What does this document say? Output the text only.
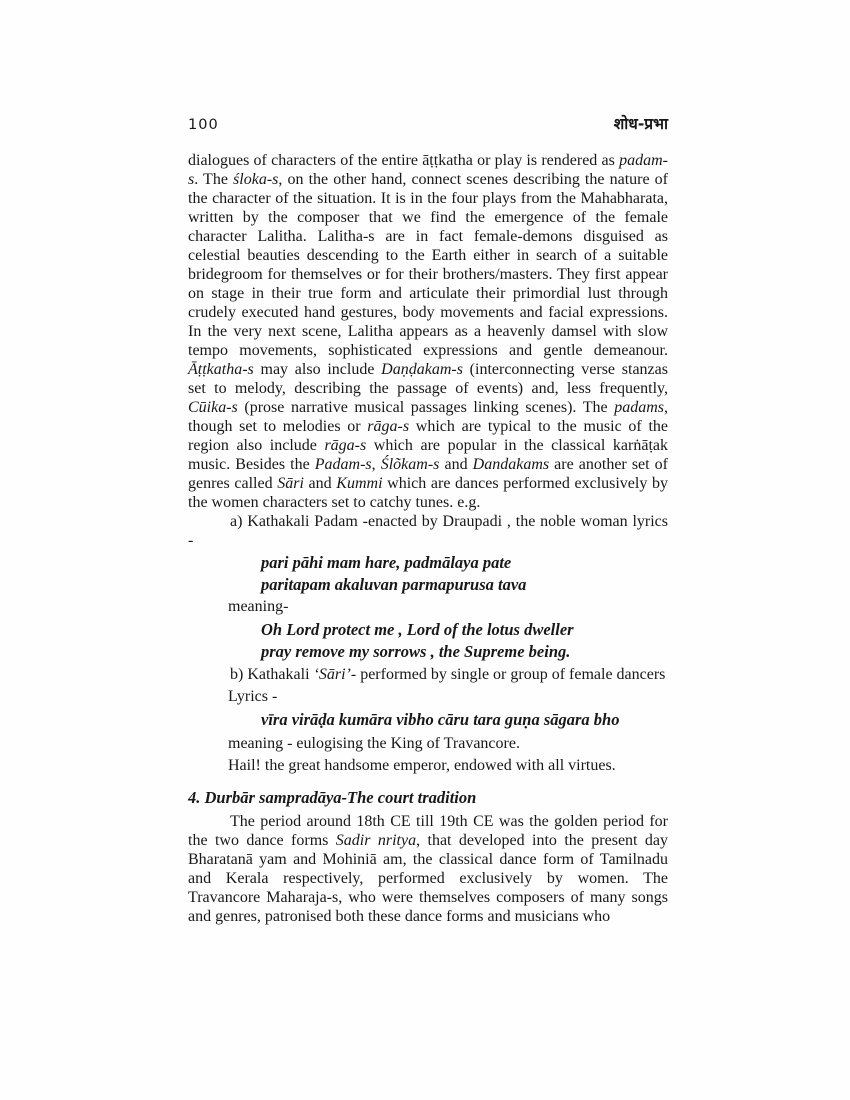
100	शोध-प्रभा

dialogues of characters of the entire āṭṭkatha or play is rendered as padam-s. The śloka-s, on the other hand, connect scenes describing the nature of the character of the situation. It is in the four plays from the Mahabharata, written by the composer that we find the emergence of the female character Lalitha. Lalitha-s are in fact female-demons disguised as celestial beauties descending to the Earth either in search of a suitable bridegroom for themselves or for their brothers/masters. They first appear on stage in their true form and articulate their primordial lust through crudely executed hand gestures, body movements and facial expressions. In the very next scene, Lalitha appears as a heavenly damsel with slow tempo movements, sophisticated expressions and gentle demeanour. Āṭṭkatha-s may also include Daṇḍakam-s (interconnecting verse stanzas set to melody, describing the passage of events) and, less frequently, Cūika-s (prose narrative musical passages linking scenes). The padams, though set to melodies or rāga-s which are typical to the music of the region also include rāga-s which are popular in the classical karṅāṭak music. Besides the Padam-s, Ślõkam-s and Dandakams are another set of genres called Sāri and Kummi which are dances performed exclusively by the women characters set to catchy tunes. e.g.

a) Kathakali Padam -enacted by Draupadi , the noble woman lyrics -

pari pāhi mam hare, padmālaya pate
paritapam akaluvan parmapurusa tava
meaning-
Oh Lord protect me , Lord of the lotus dweller
pray remove my sorrows , the Supreme being.

b) Kathakali ‘Sāri’- performed by single or group of female dancers

Lyrics -
vīra virāḍa kumāra vibho cāru tara guṇa sāgara bho
meaning - eulogising the King of Travancore.
Hail! the great handsome emperor, endowed with all virtues.
4. Durbār sampradāya-The court tradition

The period around 18th CE till 19th CE was the golden period for the two dance forms Sadir nritya, that developed into the present day Bharatanā yam and Mohiniā am, the classical dance form of Tamilnadu and Kerala respectively, performed exclusively by women. The Travancore Maharaja-s, who were themselves composers of many songs and genres, patronised both these dance forms and musicians who
